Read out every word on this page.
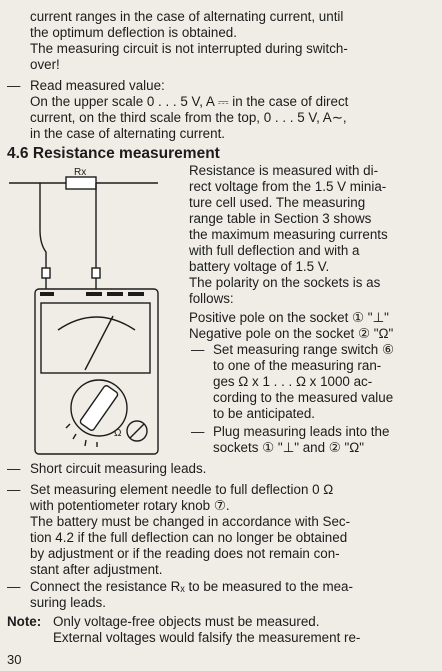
current ranges in the case of alternating current, until
the optimum deflection is obtained.
The measuring circuit is not interrupted during switch-
over!
— Read measured value:
On the upper scale 0 . . . 5 V, A ⎓ in the case of direct
current, on the third scale from the top, 0 . . . 5 V, A∼,
in the case of alternating current.
4.6 Resistance measurement
Resistance is measured with di-
rect voltage from the 1.5 V minia-
ture cell used. The measuring
range table in Section 3 shows
the maximum measuring currents
with full deflection and with a
battery voltage of 1.5 V.
The polarity on the sockets is as
follows:
Positive pole on the socket ① "⊥"
Negative pole on the socket ② "Ω"
— Set measuring range switch ⑥
to one of the measuring ran-
ges Ω x 1 . . . Ω x 1000 ac-
cording to the measured value
to be anticipated.
— Plug measuring leads into the
sockets ① "⊥" and ② "Ω"
— Short circuit measuring leads.
— Set measuring element needle to full deflection 0 Ω
with potentiometer rotary knob ⑦.
The battery must be changed in accordance with Sec-
tion 4.2 if the full deflection can no longer be obtained
by adjustment or if the reading does not remain con-
stant after adjustment.
— Connect the resistance Rₓ to be measured to the mea-
suring leads.
Note: Only voltage-free objects must be measured.
External voltages would falsify the measurement re-
30
Rx
Ω
